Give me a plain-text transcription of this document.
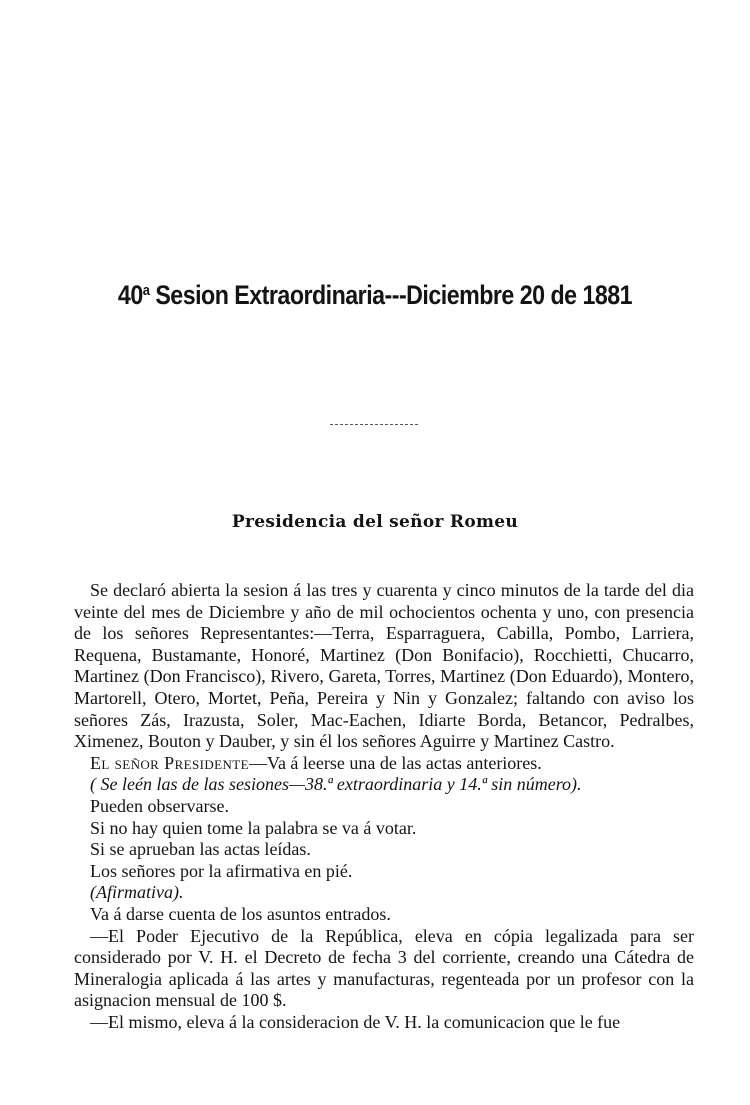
40$^a$ Sesion Extraordinaria---Diciembre 20 de 1881
Presidencia del señor Romeu

Se declaró abierta la sesion á las tres y cuarenta y cinco minutos de la tarde del dia veinte del mes de Diciembre y año de mil ochocientos ochenta y uno, con presencia de los señores Representantes:—Terra, Esparraguera, Cabilla, Pombo, Larriera, Requena, Bustamante, Honoré, Martinez (Don Bonifacio), Rocchietti, Chucarro, Martinez (Don Francisco), Rivero, Gareta, Torres, Martinez (Don Eduardo), Montero, Martorell, Otero, Mortet, Peña, Pereira y Nin y Gonzalez; faltando con aviso los señores Zás, Irazusta, Soler, Mac-Eachen, Idiarte Borda, Betancor, Pedralbes, Ximenez, Bouton y Dauber, y sin él los señores Aguirre y Martinez Castro.

El señor Presidente—Va á leerse una de las actas anteriores.

( Se leén las de las sesiones—38.ª extraordinaria y 14.ª sin número).

Pueden observarse.

Si no hay quien tome la palabra se va á votar.

Si se aprueban las actas leídas.

Los señores por la afirmativa en pié.

(Afirmativa).

Va á darse cuenta de los asuntos entrados.

—El Poder Ejecutivo de la República, eleva en cópia legalizada para ser considerado por V. H. el Decreto de fecha 3 del corriente, creando una Cátedra de Mineralogia aplicada á las artes y manufacturas, regenteada por un profesor con la asignacion mensual de 100 $.

—El mismo, eleva á la consideracion de V. H. la comunicacion que le fue
